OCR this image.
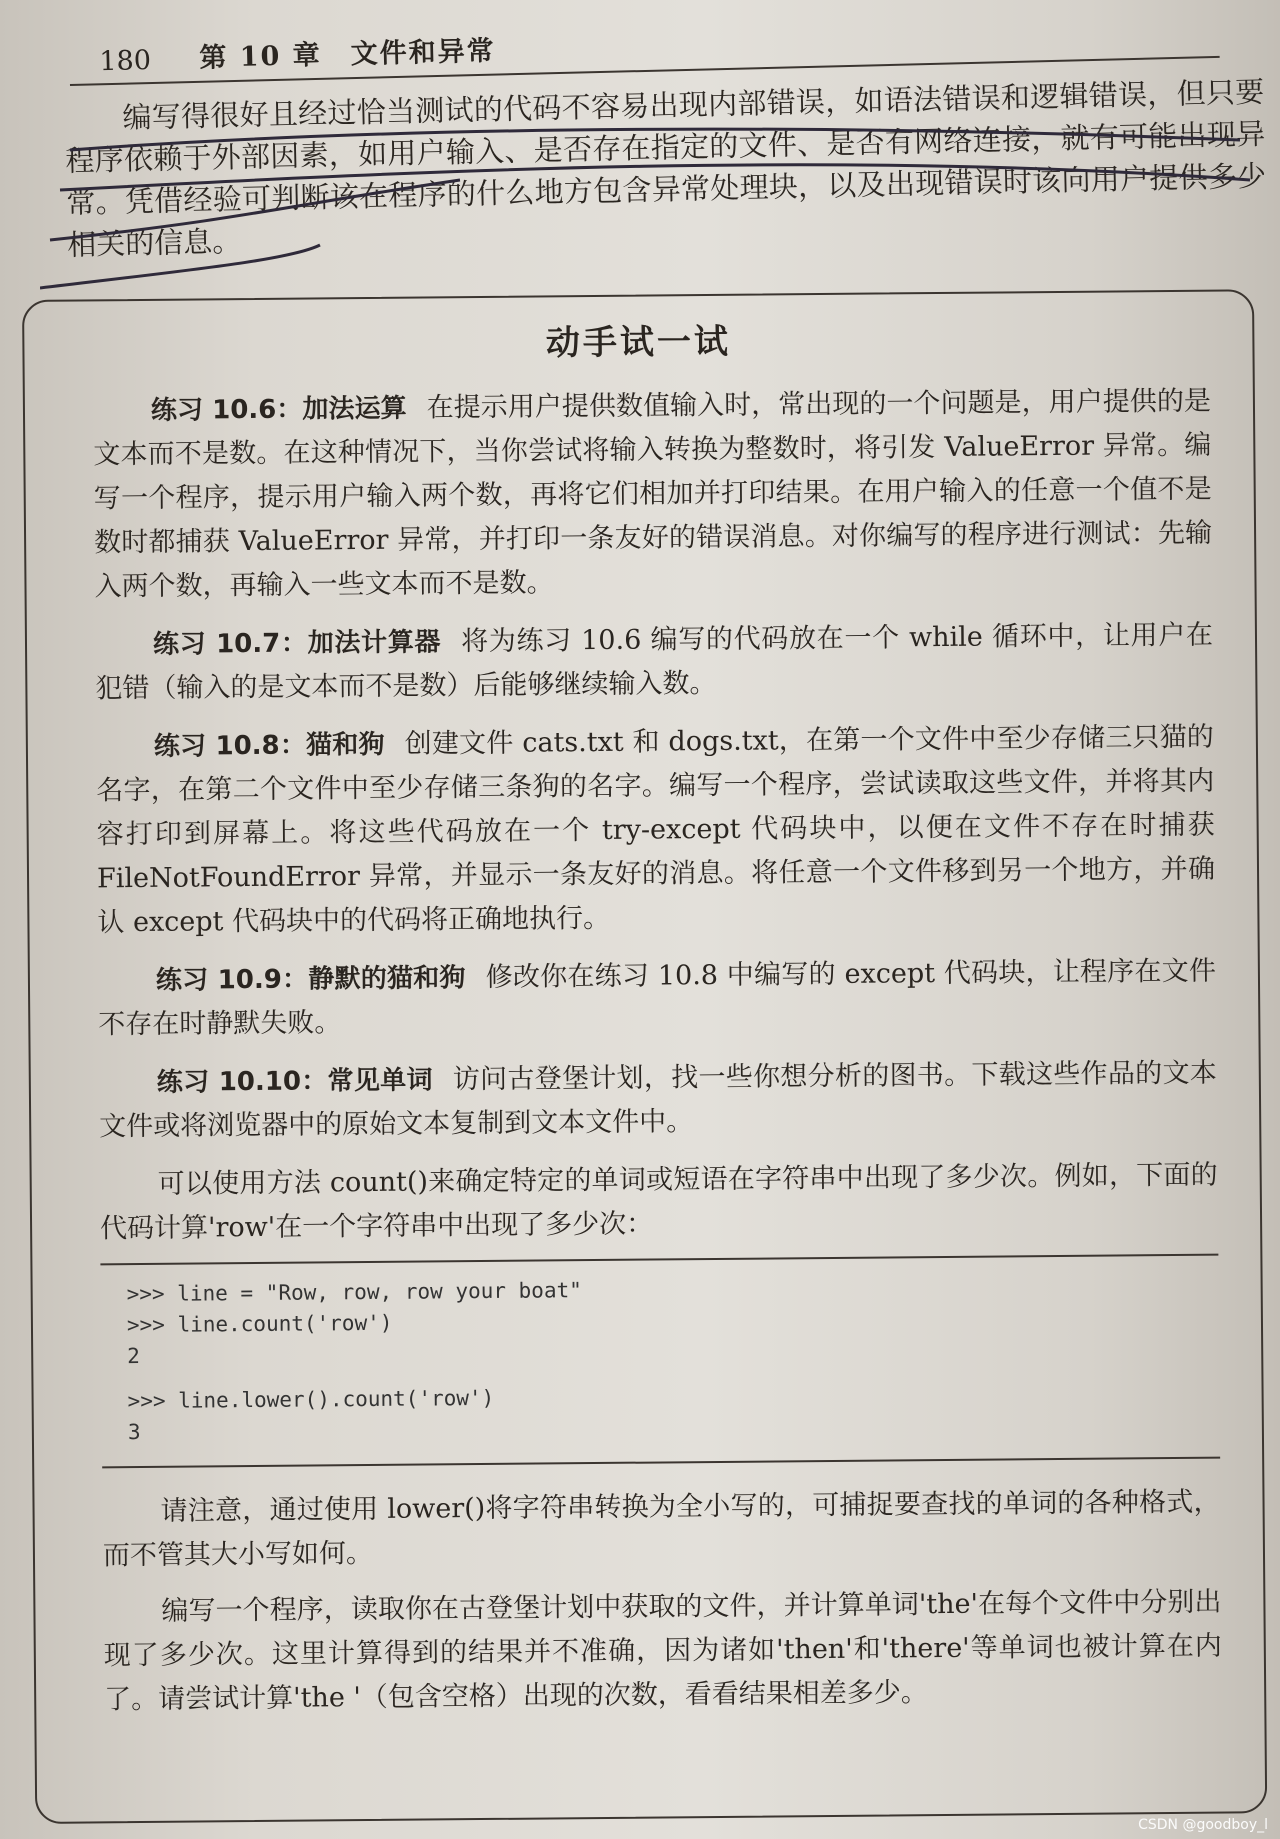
180 第 10 章　文件和异常

编写得很好且经过恰当测试的代码不容易出现内部错误，如语法错误和逻辑错误，但只要程序依赖于外部因素，如用户输入、是否存在指定的文件、是否有网络连接，就有可能出现异常。凭借经验可判断该在程序的什么地方包含异常处理块，以及出现错误时该向用户提供多少相关的信息。

动手试一试

练习 10.6：加法运算 在提示用户提供数值输入时，常出现的一个问题是，用户提供的是文本而不是数。在这种情况下，当你尝试将输入转换为整数时，将引发 ValueError 异常。编写一个程序，提示用户输入两个数，再将它们相加并打印结果。在用户输入的任意一个值不是数时都捕获 ValueError 异常，并打印一条友好的错误消息。对你编写的程序进行测试：先输入两个数，再输入一些文本而不是数。

练习 10.7：加法计算器 将为练习 10.6 编写的代码放在一个 while 循环中，让用户在犯错（输入的是文本而不是数）后能够继续输入数。

练习 10.8：猫和狗 创建文件 cats.txt 和 dogs.txt，在第一个文件中至少存储三只猫的名字，在第二个文件中至少存储三条狗的名字。编写一个程序，尝试读取这些文件，并将其内容打印到屏幕上。将这些代码放在一个 try-except 代码块中，以便在文件不存在时捕获 FileNotFoundError 异常，并显示一条友好的消息。将任意一个文件移到另一个地方，并确认 except 代码块中的代码将正确地执行。

练习 10.9：静默的猫和狗 修改你在练习 10.8 中编写的 except 代码块，让程序在文件不存在时静默失败。

练习 10.10：常见单词 访问古登堡计划，找一些你想分析的图书。下载这些作品的文本文件或将浏览器中的原始文本复制到文本文件中。

可以使用方法 count()来确定特定的单词或短语在字符串中出现了多少次。例如，下面的代码计算'row'在一个字符串中出现了多少次：

>>> line = "Row, row, row your boat"
>>> line.count('row')
2
>>> line.lower().count('row')
3

请注意，通过使用 lower()将字符串转换为全小写的，可捕捉要查找的单词的各种格式，而不管其大小写如何。

编写一个程序，读取你在古登堡计划中获取的文件，并计算单词'the'在每个文件中分别出现了多少次。这里计算得到的结果并不准确，因为诸如'then'和'there'等单词也被计算在内了。请尝试计算'the '（包含空格）出现的次数，看看结果相差多少。

CSDN @goodboy_l
